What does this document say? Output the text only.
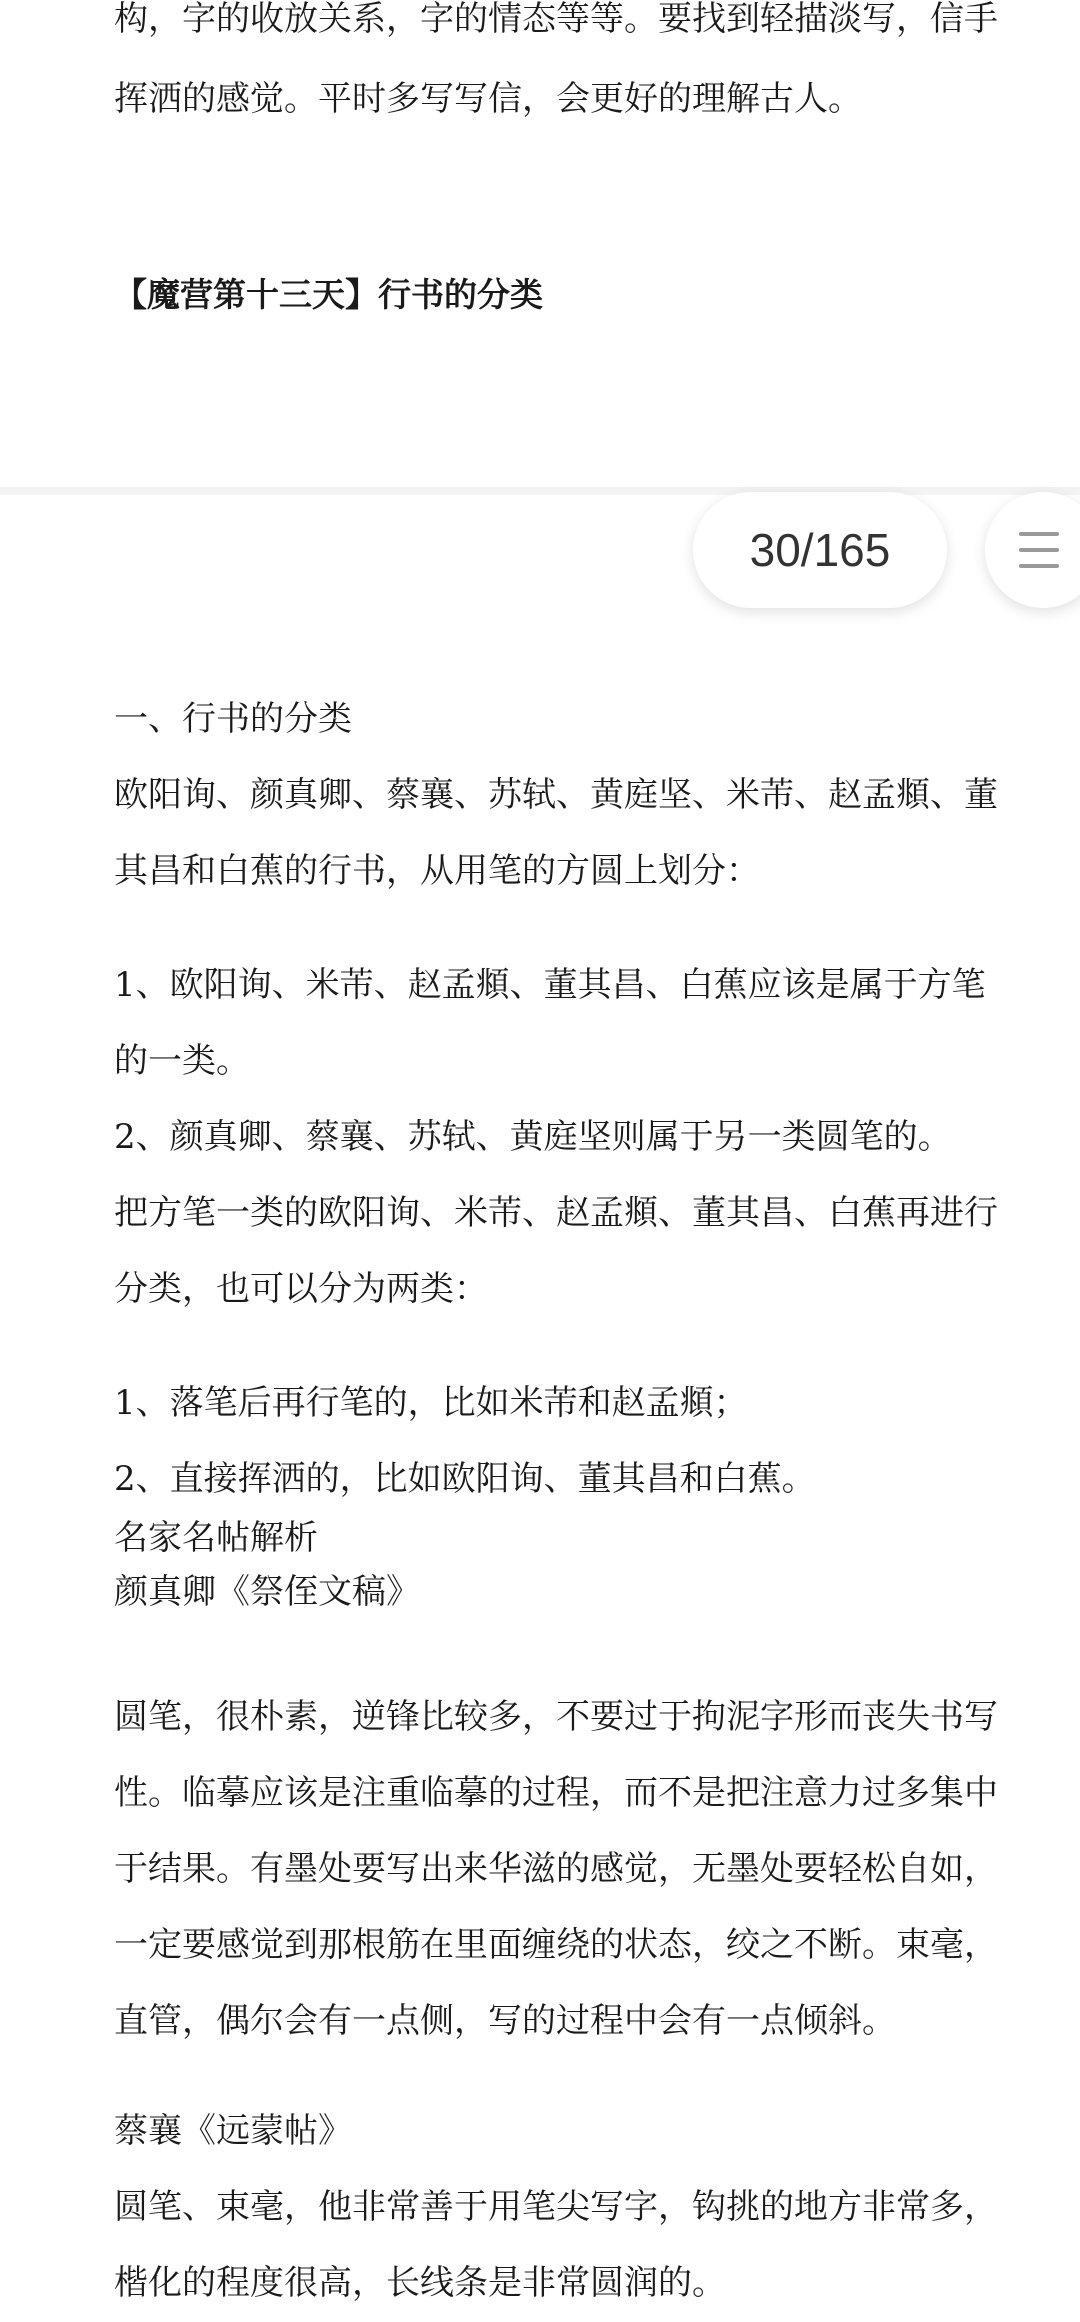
构，字的收放关系，字的情态等等。要找到轻描淡写，信手

挥洒的感觉。平时多写写信，会更好的理解古人。

【魔营第十三天】行书的分类

30/165

一、行书的分类

欧阳询、颜真卿、蔡襄、苏轼、黄庭坚、米芾、赵孟頫、董

其昌和白蕉的行书，从用笔的方圆上划分：

1、欧阳询、米芾、赵孟頫、董其昌、白蕉应该是属于方笔

的一类。

2、颜真卿、蔡襄、苏轼、黄庭坚则属于另一类圆笔的。

把方笔一类的欧阳询、米芾、赵孟頫、董其昌、白蕉再进行

分类，也可以分为两类：

1、落笔后再行笔的，比如米芾和赵孟頫；

2、直接挥洒的，比如欧阳询、董其昌和白蕉。

名家名帖解析

颜真卿《祭侄文稿》

圆笔，很朴素，逆锋比较多，不要过于拘泥字形而丧失书写

性。临摹应该是注重临摹的过程，而不是把注意力过多集中

于结果。有墨处要写出来华滋的感觉，无墨处要轻松自如，

一定要感觉到那根筋在里面缠绕的状态，绞之不断。束毫，

直管，偶尔会有一点侧，写的过程中会有一点倾斜。

蔡襄《远蒙帖》

圆笔、束毫，他非常善于用笔尖写字，钩挑的地方非常多，

楷化的程度很高，长线条是非常圆润的。
